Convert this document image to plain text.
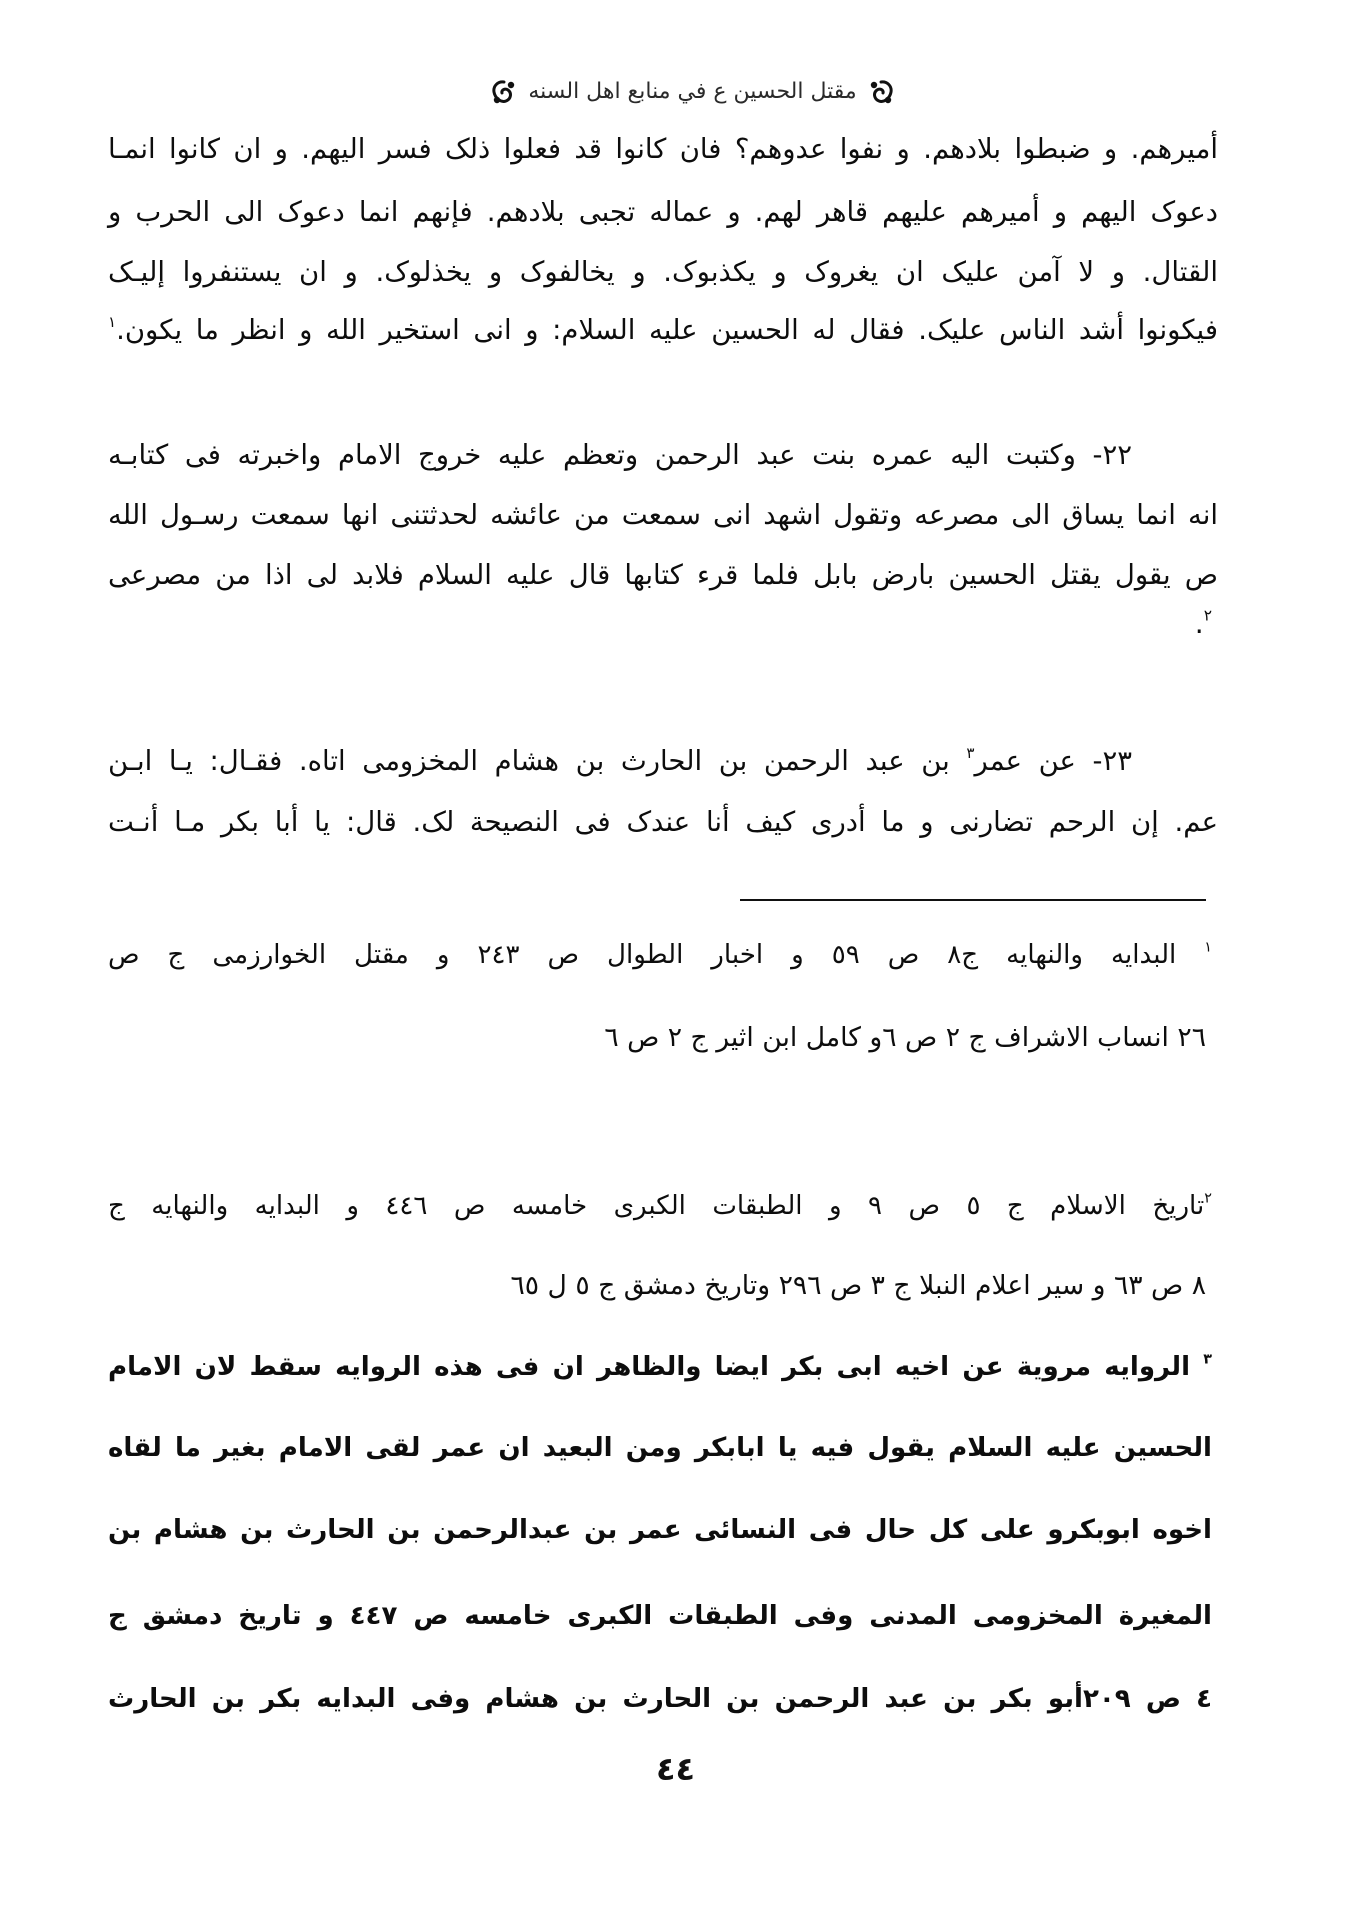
مقتل الحسين ع في منابع اهل السنه
أميرهم. و ضبطوا بلادهم. و نفوا عدوهم؟ فان كانوا قد فعلوا ذلک فسر اليهم. و ان كانوا انمـا
دعوک اليهم و أميرهم عليهم قاهر لهم. و عماله تجبی بلادهم. فإنهم انما دعوک الی الحرب و
القتال. و لا آمن عليک ان يغروک و يكذبوک. و يخالفوک و يخذلوک. و ان يستنفروا إليـک
فيكونوا أشد الناس عليک. فقال له الحسين عليه السلام: و انی استخير الله و انظر ما يكون.$^١$
٢٢- وكتبت اليه عمره بنت عبد الرحمن وتعظم عليه خروج الامام واخبرته فی كتابـه
انه انما يساق الی مصرعه وتقول اشهد انی سمعت من عائشه لحدثتنی انها سمعت رسـول الله
ص يقول يقتل الحسين بارض بابل فلما قرء كتابها قال عليه السلام فلابد لی اذا من مصرعی
$^٢$.
٢٣- عن عمر$^٣$ بن عبد الرحمن بن الحارث بن هشام المخزومی اتاه. فقـال: يـا ابـن
عم. إن الرحم تضارنی و ما أدری كيف أنا عندک فی النصيحة لک. قال: يا أبا بكر مـا أنـت
$^١$ البدايه والنهايه ج٨ ص ٥٩ و اخبار الطوال ص ٢٤٣ و مقتل الخوارزمی ج ص
٢٦ انساب الاشراف ج ٢ ص ٦و كامل ابن اثير ج ٢ ص ٦
$^٢$تاريخ الاسلام ج ٥ ص ٩ و الطبقات الكبری خامسه ص ٤٤٦ و البدايه والنهايه ج
٨ ص ٦٣ و سير اعلام النبلا ج ٣ ص ٢٩٦ وتاريخ دمشق ج ٥ ل ٦٥
$^٣$ الروايه مروية عن اخيه ابی بكر ايضا والظاهر ان فی هذه الروايه سقط لان الامام
الحسين عليه السلام يقول فيه يا ابابكر ومن البعيد ان عمر لقی الامام بغير ما لقاه
اخوه ابوبكرو علی كل حال فی النسائی عمر بن عبدالرحمن بن الحارث بن هشام بن
المغيرة المخزومی المدنی وفی الطبقات الكبری خامسه ص ٤٤٧ و تاريخ دمشق ج
٤ ص ٢٠٩أبو بكر بن عبد الرحمن بن الحارث بن هشام وفی البدايه بكر بن الحارث
٤٤
